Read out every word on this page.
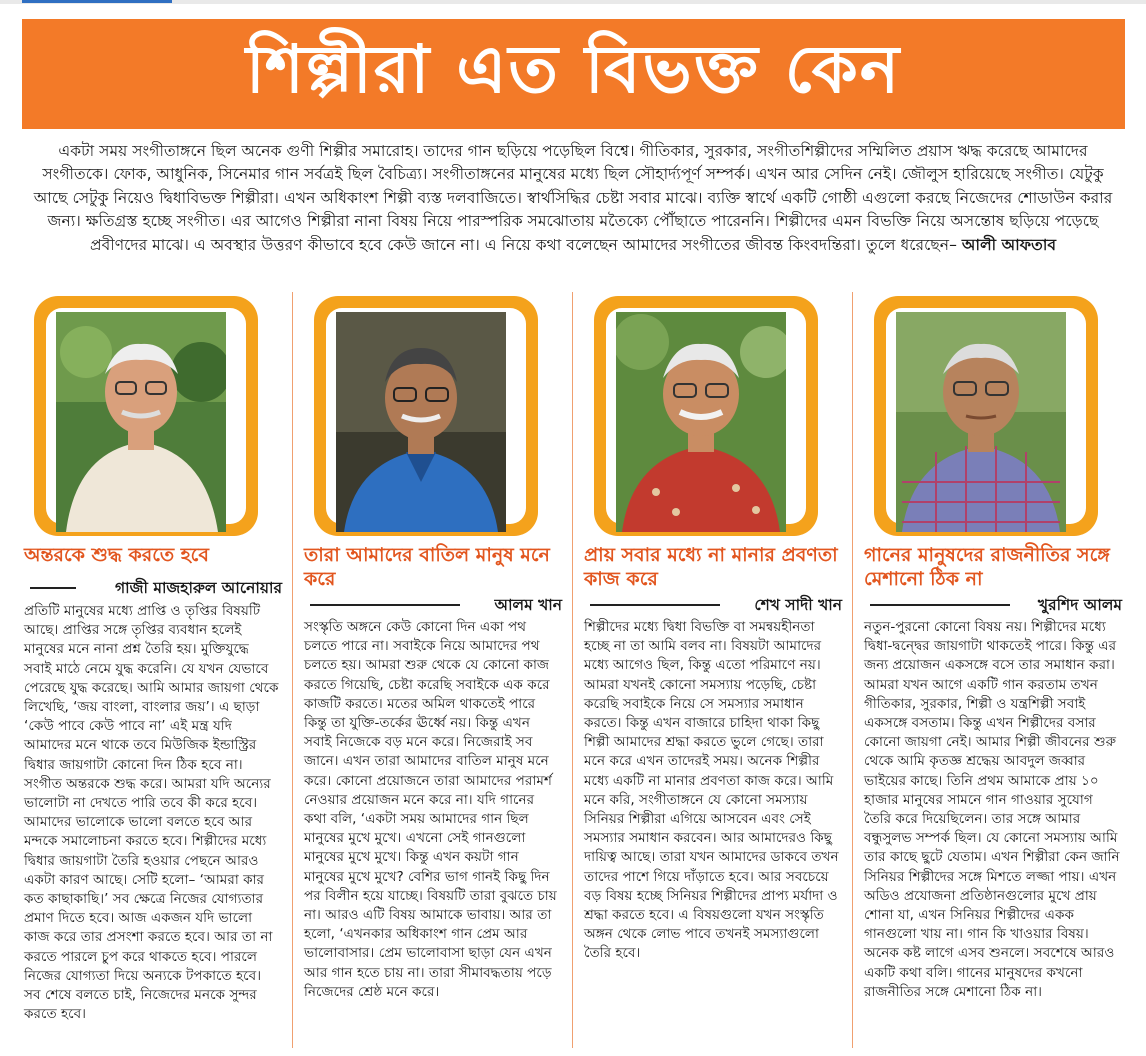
শিল্পীরা এত বিভক্ত কেন
একটা সময় সংগীতাঙ্গনে ছিল অনেক গুণী শিল্পীর সমারোহ। তাদের গান ছড়িয়ে পড়েছিল বিশ্বে। গীতিকার, সুরকার, সংগীতশিল্পীদের সম্মিলিত প্রয়াস ঋদ্ধ করেছে আমাদের সংগীতকে। ফোক, আধুনিক, সিনেমার গান সর্বত্রই ছিল বৈচিত্র্য। সংগীতাঙ্গনের মানুষের মধ্যে ছিল সৌহার্দ্যপূর্ণ সম্পর্ক। এখন আর সেদিন নেই। জৌলুস হারিয়েছে সংগীত। যেটুকু আছে সেটুকু নিয়েও দ্বিধাবিভক্ত শিল্পীরা। এখন অধিকাংশ শিল্পী ব্যস্ত দলবাজিতে। স্বার্থসিদ্ধির চেষ্টা সবার মাঝে। ব্যক্তি স্বার্থে একটি গোষ্ঠী এগুলো করছে নিজেদের শোডাউন করার জন্য। ক্ষতিগ্রস্ত হচ্ছে সংগীত। এর আগেও শিল্পীরা নানা বিষয় নিয়ে পারস্পরিক সমঝোতায় মতৈক্যে পৌঁছাতে পারেননি। শিল্পীদের এমন বিভক্তি নিয়ে অসন্তোষ ছড়িয়ে পড়েছে প্রবীণদের মাঝে। এ অবস্থার উত্তরণ কীভাবে হবে কেউ জানে না। এ নিয়ে কথা বলেছেন আমাদের সংগীতের জীবন্ত কিংবদন্তিরা। তুলে ধরেছেন– আলী আফতাব
অন্তরকে শুদ্ধ করতে হবে
গাজী মাজহারুল আনোয়ার
প্রতিটি মানুষের মধ্যে প্রাপ্তি ও তৃপ্তির বিষয়টি আছে। প্রাপ্তির সঙ্গে তৃপ্তির ব্যবধান হলেই মানুষের মনে নানা প্রশ্ন তৈরি হয়। মুক্তিযুদ্ধে সবাই মাঠে নেমে যুদ্ধ করেনি। যে যখন যেভাবে পেরেছে যুদ্ধ করেছে। আমি আমার জায়গা থেকে লিখেছি, ‘জয় বাংলা, বাংলার জয়’। এ ছাড়া ‘কেউ পাবে কেউ পাবে না’ এই মন্ত্র যদি আমাদের মনে থাকে তবে মিউজিক ইন্ডাস্ট্রির দ্বিধার জায়গাটা কোনো দিন ঠিক হবে না। সংগীত অন্তরকে শুদ্ধ করে। আমরা যদি অন্যের ভালোটা না দেখতে পারি তবে কী করে হবে। আমাদের ভালোকে ভালো বলতে হবে আর মন্দকে সমালোচনা করতে হবে। শিল্পীদের মধ্যে দ্বিধার জায়গাটা তৈরি হওয়ার পেছনে আরও একটা কারণ আছে। সেটি হলো– ‘আমরা কার কত কাছাকাছি।’ সব ক্ষেত্রে নিজের যোগ্যতার প্রমাণ দিতে হবে। আজ একজন যদি ভালো কাজ করে তার প্রসংশা করতে হবে। আর তা না করতে পারলে চুপ করে থাকতে হবে। পারলে নিজের যোগ্যতা দিয়ে অন্যকে টপকাতে হবে। সব শেষে বলতে চাই, নিজেদের মনকে সুন্দর করতে হবে।
তারা আমাদের বাতিল মানুষ মনে করে
আলম খান
সংস্কৃতি অঙ্গনে কেউ কোনো দিন একা পথ চলতে পারে না। সবাইকে নিয়ে আমাদের পথ চলতে হয়। আমরা শুরু থেকে যে কোনো কাজ করতে গিয়েছি, চেষ্টা করেছি সবাইকে এক করে কাজটি করতে। মতের অমিল থাকতেই পারে কিন্তু তা যুক্তি-তর্কের ঊর্ধ্বে নয়। কিন্তু এখন সবাই নিজেকে বড় মনে করে। নিজেরাই সব জানে। এখন তারা আমাদের বাতিল মানুষ মনে করে। কোনো প্রয়োজনে তারা আমাদের পরামর্শ নেওয়ার প্রয়োজন মনে করে না। যদি গানের কথা বলি, ‘একটা সময় আমাদের গান ছিল মানুষের মুখে মুখে। এখনো সেই গানগুলো মানুষের মুখে মুখে। কিন্তু এখন কয়টা গান মানুষের মুখে মুখে? বেশির ভাগ গানই কিছু দিন পর বিলীন হয়ে যাচ্ছে। বিষয়টি তারা বুঝতে চায় না। আরও এটি বিষয় আমাকে ভাবায়। আর তা হলো, ‘এখনকার অধিকাংশ গান প্রেম আর ভালোবাসার। প্রেম ভালোবাসা ছাড়া যেন এখন আর গান হতে চায় না। তারা সীমাবদ্ধতায় পড়ে নিজেদের শ্রেষ্ঠ মনে করে।
প্রায় সবার মধ্যে না মানার প্রবণতা কাজ করে
শেখ সাদী খান
শিল্পীদের মধ্যে দ্বিধা বিভক্তি বা সমন্বয়হীনতা হচ্ছে না তা আমি বলব না। বিষয়টা আমাদের মধ্যে আগেও ছিল, কিন্তু এতো পরিমাণে নয়। আমরা যখনই কোনো সমস্যায় পড়েছি, চেষ্টা করেছি সবাইকে নিয়ে সে সমস্যার সমাধান করতে। কিন্তু এখন বাজারে চাহিদা থাকা কিছু শিল্পী আমাদের শ্রদ্ধা করতে ভুলে গেছে। তারা মনে করে এখন তাদেরই সময়। অনেক শিল্পীর মধ্যে একটি না মানার প্রবণতা কাজ করে। আমি মনে করি, সংগীতাঙ্গনে যে কোনো সমস্যায় সিনিয়র শিল্পীরা এগিয়ে আসবেন এবং সেই সমস্যার সমাধান করবেন। আর আমাদেরও কিছু দায়িত্ব আছে। তারা যখন আমাদের ডাকবে তখন তাদের পাশে গিয়ে দাঁড়াতে হবে। আর সবচেয়ে বড় বিষয় হচ্ছে সিনিয়র শিল্পীদের প্রাপ্য মর্যাদা ও শ্রদ্ধা করতে হবে। এ বিষয়গুলো যখন সংস্কৃতি অঙ্গন থেকে লোভ পাবে তখনই সমস্যাগুলো তৈরি হবে।
গানের মানুষদের রাজনীতির সঙ্গে মেশানো ঠিক না
খুরশিদ আলম
নতুন-পুরনো কোনো বিষয় নয়। শিল্পীদের মধ্যে দ্বিধা-দ্বন্দ্বের জায়গাটা থাকতেই পারে। কিন্তু এর জন্য প্রয়োজন একসঙ্গে বসে তার সমাধান করা। আমরা যখন আগে একটি গান করতাম তখন গীতিকার, সুরকার, শিল্পী ও যন্ত্রশিল্পী সবাই একসঙ্গে বসতাম। কিন্তু এখন শিল্পীদের বসার কোনো জায়গা নেই। আমার শিল্পী জীবনের শুরু থেকে আমি কৃতজ্ঞ শ্রদ্ধেয় আবদুল জব্বার ভাইয়ের কাছে। তিনি প্রথম আমাকে প্রায় ১০ হাজার মানুষের সামনে গান গাওয়ার সুযোগ তৈরি করে দিয়েছিলেন। তার সঙ্গে আমার বন্ধুসুলভ সম্পর্ক ছিল। যে কোনো সমস্যায় আমি তার কাছে ছুটে যেতাম। এখন শিল্পীরা কেন জানি সিনিয়র শিল্পীদের সঙ্গে মিশতে লজ্জা পায়। এখন অডিও প্রযোজনা প্রতিষ্ঠানগুলোর মুখে প্রায় শোনা যা, এখন সিনিয়র শিল্পীদের একক গানগুলো খায় না। গান কি খাওয়ার বিষয়। অনেক কষ্ট লাগে এসব শুনলে। সবশেষে আরও একটি কথা বলি। গানের মানুষদের কখনো রাজনীতির সঙ্গে মেশানো ঠিক না।
